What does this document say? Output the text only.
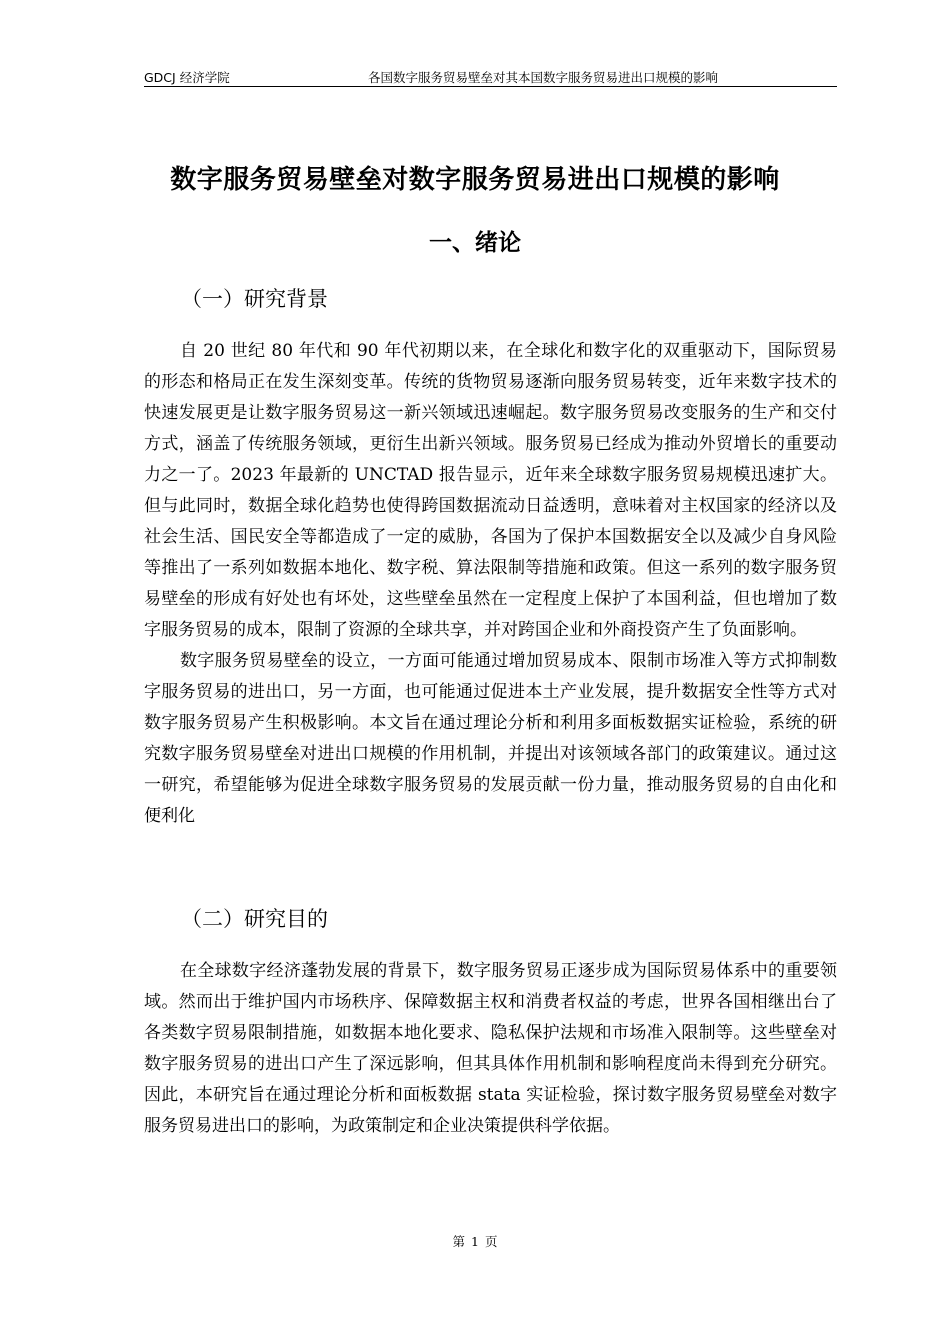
GDCJ 经济学院	各国数字服务贸易壁垒对其本国数字服务贸易进出口规模的影响
数字服务贸易壁垒对数字服务贸易进出口规模的影响
一、绪论
（一）研究背景

自 20 世纪 80 年代和 90 年代初期以来，在全球化和数字化的双重驱动下，国际贸易的形态和格局正在发生深刻变革。传统的货物贸易逐渐向服务贸易转变，近年来数字技术的快速发展更是让数字服务贸易这一新兴领域迅速崛起。数字服务贸易改变服务的生产和交付方式，涵盖了传统服务领域，更衍生出新兴领域。服务贸易已经成为推动外贸增长的重要动力之一了。2023 年最新的 UNCTAD 报告显示，近年来全球数字服务贸易规模迅速扩大。但与此同时，数据全球化趋势也使得跨国数据流动日益透明，意味着对主权国家的经济以及社会生活、国民安全等都造成了一定的威胁，各国为了保护本国数据安全以及减少自身风险等推出了一系列如数据本地化、数字税、算法限制等措施和政策。但这一系列的数字服务贸易壁垒的形成有好处也有坏处，这些壁垒虽然在一定程度上保护了本国利益，但也增加了数字服务贸易的成本，限制了资源的全球共享，并对跨国企业和外商投资产生了负面影响。

数字服务贸易壁垒的设立，一方面可能通过增加贸易成本、限制市场准入等方式抑制数字服务贸易的进出口，另一方面，也可能通过促进本土产业发展，提升数据安全性等方式对数字服务贸易产生积极影响。本文旨在通过理论分析和利用多面板数据实证检验，系统的研究数字服务贸易壁垒对进出口规模的作用机制，并提出对该领域各部门的政策建议。通过这一研究，希望能够为促进全球数字服务贸易的发展贡献一份力量，推动服务贸易的自由化和便利化

（二）研究目的

在全球数字经济蓬勃发展的背景下，数字服务贸易正逐步成为国际贸易体系中的重要领域。然而出于维护国内市场秩序、保障数据主权和消费者权益的考虑，世界各国相继出台了各类数字贸易限制措施，如数据本地化要求、隐私保护法规和市场准入限制等。这些壁垒对数字服务贸易的进出口产生了深远影响，但其具体作用机制和影响程度尚未得到充分研究。因此，本研究旨在通过理论分析和面板数据 stata 实证检验，探讨数字服务贸易壁垒对数字服务贸易进出口的影响，为政策制定和企业决策提供科学依据。

第 1 页
